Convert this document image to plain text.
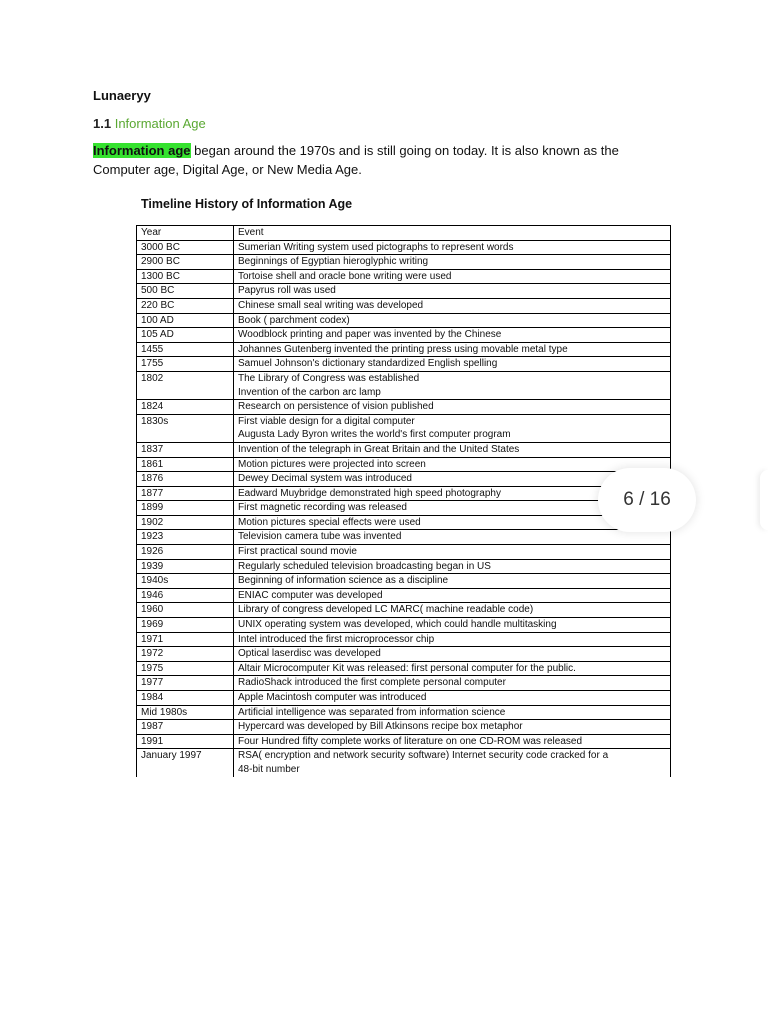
Lunaeryy
1.1 Information Age
Information age began around the 1970s and is still going on today. It is also known as the Computer age, Digital Age, or New Media Age.
Timeline History of Information Age
Year	Event
3000 BC	Sumerian Writing system used pictographs to represent words

2900 BC	Beginnings of Egyptian hieroglyphic writing

1300 BC	Tortoise shell and oracle bone writing were used

500 BC	Papyrus roll was used

220 BC	Chinese small seal writing was developed

100 AD	Book ( parchment codex)

105 AD	Woodblock printing and paper was invented by the Chinese

1455	Johannes Gutenberg invented the printing press using movable metal type

1755	Samuel Johnson's dictionary standardized English spelling

1802	The Library of Congress was established
Invention of the carbon arc lamp

1824	Research on persistence of vision published

1830s	First viable design for a digital computer
Augusta Lady Byron writes the world's first computer program

1837	Invention of the telegraph in Great Britain and the United States

1861	Motion pictures were projected into screen

1876	Dewey Decimal system was introduced

1877	Eadward Muybridge demonstrated high speed photography

1899	First magnetic recording was released

1902	Motion pictures special effects were used

1923	Television camera tube was invented

1926	First practical sound movie

1939	Regularly scheduled television broadcasting began in US

1940s	Beginning of information science as a discipline

1946	ENIAC computer was developed

1960	Library of congress developed LC MARC( machine readable code)

1969	UNIX operating system was developed, which could handle multitasking

1971	Intel introduced the first microprocessor chip

1972	Optical laserdisc was developed

1975	Altair Microcomputer Kit was released: first personal computer for the public.

1977	RadioShack introduced the first complete personal computer

1984	Apple Macintosh computer was introduced

Mid 1980s	Artificial intelligence was separated from information science

1987	Hypercard was developed by Bill Atkinsons recipe box metaphor

1991	Four Hundred fifty complete works of literature on one CD-ROM was released

January 1997	RSA( encryption and network security software) Internet security code cracked for a
48-bit number
6 / 16
